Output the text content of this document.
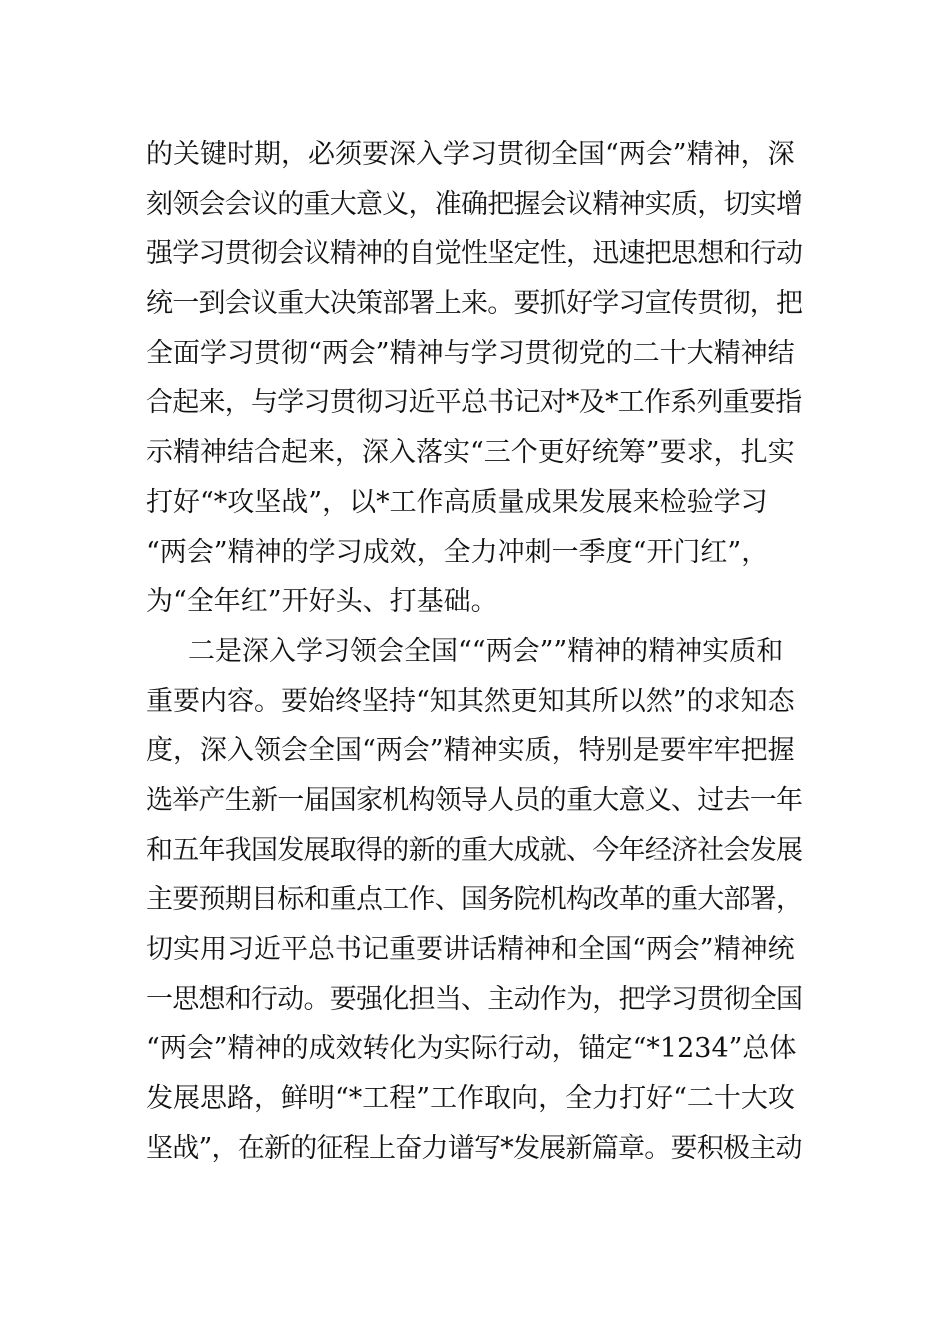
的关键时期，必须要深入学习贯彻全国“两会”精神，深
刻领会会议的重大意义，准确把握会议精神实质，切实增
强学习贯彻会议精神的自觉性坚定性，迅速把思想和行动
统一到会议重大决策部署上来。要抓好学习宣传贯彻，把
全面学习贯彻“两会”精神与学习贯彻党的二十大精神结
合起来，与学习贯彻习近平总书记对*及*工作系列重要指
示精神结合起来，深入落实“三个更好统筹”要求，扎实
打好“*攻坚战”，以*工作高质量成果发展来检验学习
“两会”精神的学习成效，全力冲刺一季度“开门红”，
为“全年红”开好头、打基础。
二是深入学习领会全国““两会””精神的精神实质和
重要内容。要始终坚持“知其然更知其所以然”的求知态
度，深入领会全国“两会”精神实质，特别是要牢牢把握
选举产生新一届国家机构领导人员的重大意义、过去一年
和五年我国发展取得的新的重大成就、今年经济社会发展
主要预期目标和重点工作、国务院机构改革的重大部署，
切实用习近平总书记重要讲话精神和全国“两会”精神统
一思想和行动。要强化担当、主动作为，把学习贯彻全国
“两会”精神的成效转化为实际行动，锚定“*1234”总体
发展思路，鲜明“*工程”工作取向，全力打好“二十大攻
坚战”，在新的征程上奋力谱写*发展新篇章。要积极主动
